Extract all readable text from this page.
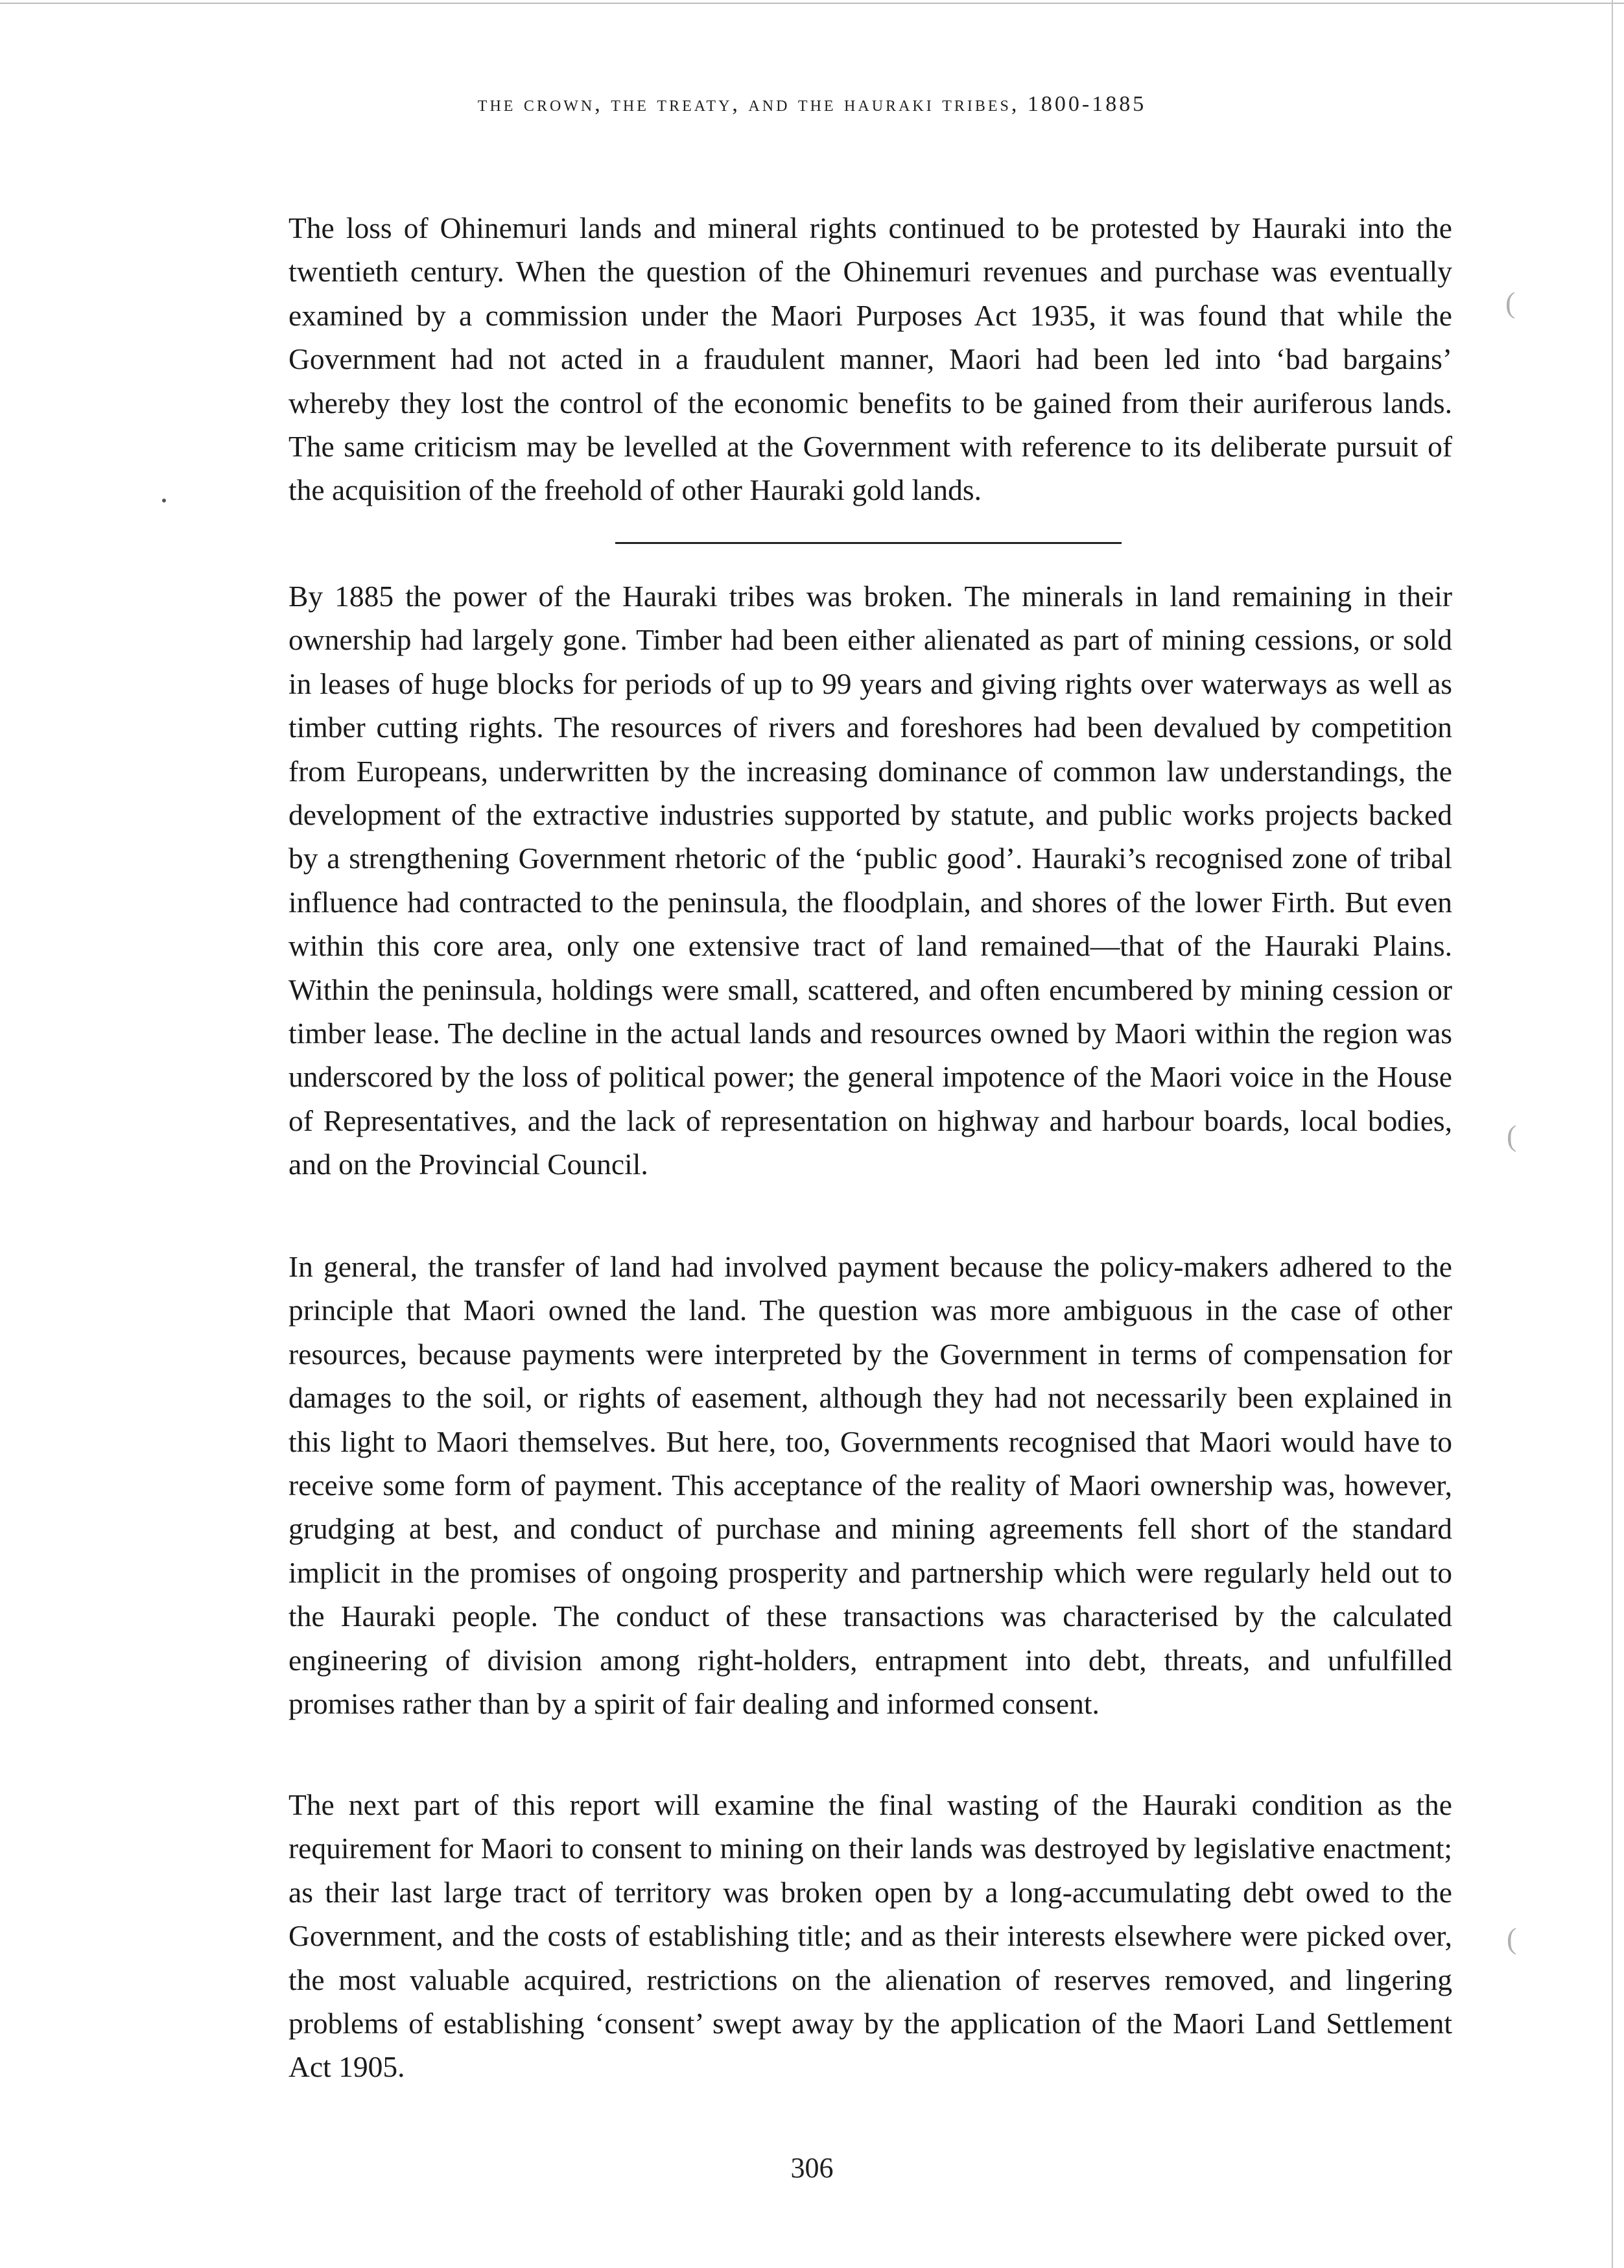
the crown, the treaty, and the hauraki tribes, 1800-1885

The loss of Ohinemuri lands and mineral rights continued to be protested by Hauraki into the twentieth century. When the question of the Ohinemuri revenues and purchase was eventually examined by a commission under the Maori Purposes Act 1935, it was found that while the Government had not acted in a fraudulent manner, Maori had been led into ‘bad bargains’ whereby they lost the control of the economic benefits to be gained from their auriferous lands. The same criticism may be levelled at the Government with reference to its deliberate pursuit of the acquisition of the freehold of other Hauraki gold lands.

By 1885 the power of the Hauraki tribes was broken. The minerals in land remaining in their ownership had largely gone. Timber had been either alienated as part of mining cessions, or sold in leases of huge blocks for periods of up to 99 years and giving rights over waterways as well as timber cutting rights. The resources of rivers and foreshores had been devalued by competition from Europeans, underwritten by the increasing dominance of common law understandings, the development of the extractive industries supported by statute, and public works projects backed by a strengthening Government rhetoric of the ‘public good’. Hauraki’s recognised zone of tribal influence had contracted to the peninsula, the floodplain, and shores of the lower Firth. But even within this core area, only one extensive tract of land remained—that of the Hauraki Plains. Within the peninsula, holdings were small, scattered, and often encumbered by mining cession or timber lease. The decline in the actual lands and resources owned by Maori within the region was underscored by the loss of political power; the general impotence of the Maori voice in the House of Representatives, and the lack of representation on highway and harbour boards, local bodies, and on the Provincial Council.

In general, the transfer of land had involved payment because the policy-makers adhered to the principle that Maori owned the land. The question was more ambiguous in the case of other resources, because payments were interpreted by the Government in terms of compensation for damages to the soil, or rights of easement, although they had not necessarily been explained in this light to Maori themselves. But here, too, Governments recognised that Maori would have to receive some form of payment. This acceptance of the reality of Maori ownership was, however, grudging at best, and conduct of purchase and mining agreements fell short of the standard implicit in the promises of ongoing prosperity and partnership which were regularly held out to the Hauraki people. The conduct of these transactions was characterised by the calculated engineering of division among right-holders, entrapment into debt, threats, and unfulfilled promises rather than by a spirit of fair dealing and informed consent.

The next part of this report will examine the final wasting of the Hauraki condition as the requirement for Maori to consent to mining on their lands was destroyed by legislative enactment; as their last large tract of territory was broken open by a long-accumulating debt owed to the Government, and the costs of establishing title; and as their interests elsewhere were picked over, the most valuable acquired, restrictions on the alienation of reserves removed, and lingering problems of establishing ‘consent’ swept away by the application of the Maori Land Settlement Act 1905.

(
(
(
306
